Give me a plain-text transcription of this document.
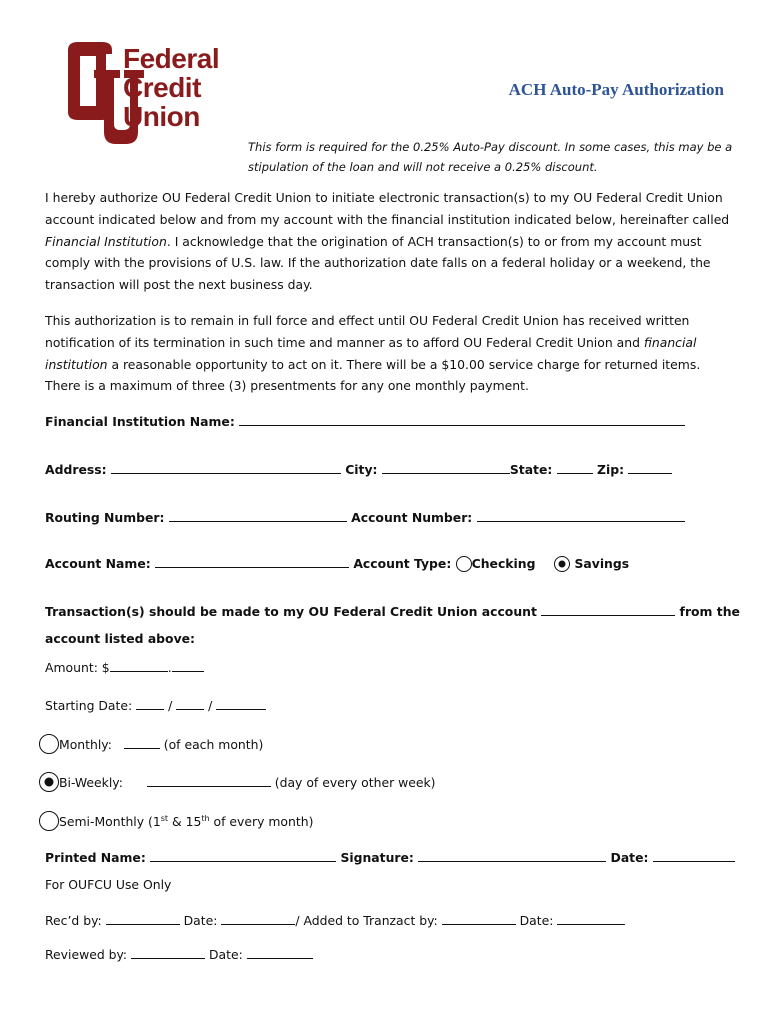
Federal
Credit
Union
ACH Auto-Pay Authorization
This form is required for the 0.25% Auto-Pay discount. In some cases, this may be a stipulation of the loan and will not receive a 0.25% discount.
I hereby authorize OU Federal Credit Union to initiate electronic transaction(s) to my OU Federal Credit Union account indicated below and from my account with the financial institution indicated below, hereinafter called Financial Institution. I acknowledge that the origination of ACH transaction(s) to or from my account must comply with the provisions of U.S. law. If the authorization date falls on a federal holiday or a weekend, the transaction will post the next business day.
This authorization is to remain in full force and effect until OU Federal Credit Union has received written notification of its termination in such time and manner as to afford OU Federal Credit Union and financial institution a reasonable opportunity to act on it. There will be a $10.00 service charge for returned items. There is a maximum of three (3) presentments for any one monthly payment.
Financial Institution Name:
Address:	City:	State:	Zip:
Routing Number:	Account Number:
Account Name:	Account Type: Checking	Savings
Transaction(s) should be made to my OU Federal Credit Union account	from the
account listed above:
Amount: $	.
Starting Date:	/	/
Monthly:	(of each month)
Bi-Weekly:	(day of every other week)
Semi-Monthly (1st & 15th of every month)
Printed Name:	Signature:	Date:
For OUFCU Use Only
Rec’d by:	Date:	/ Added to Tranzact by:	Date:
Reviewed by:	Date:
